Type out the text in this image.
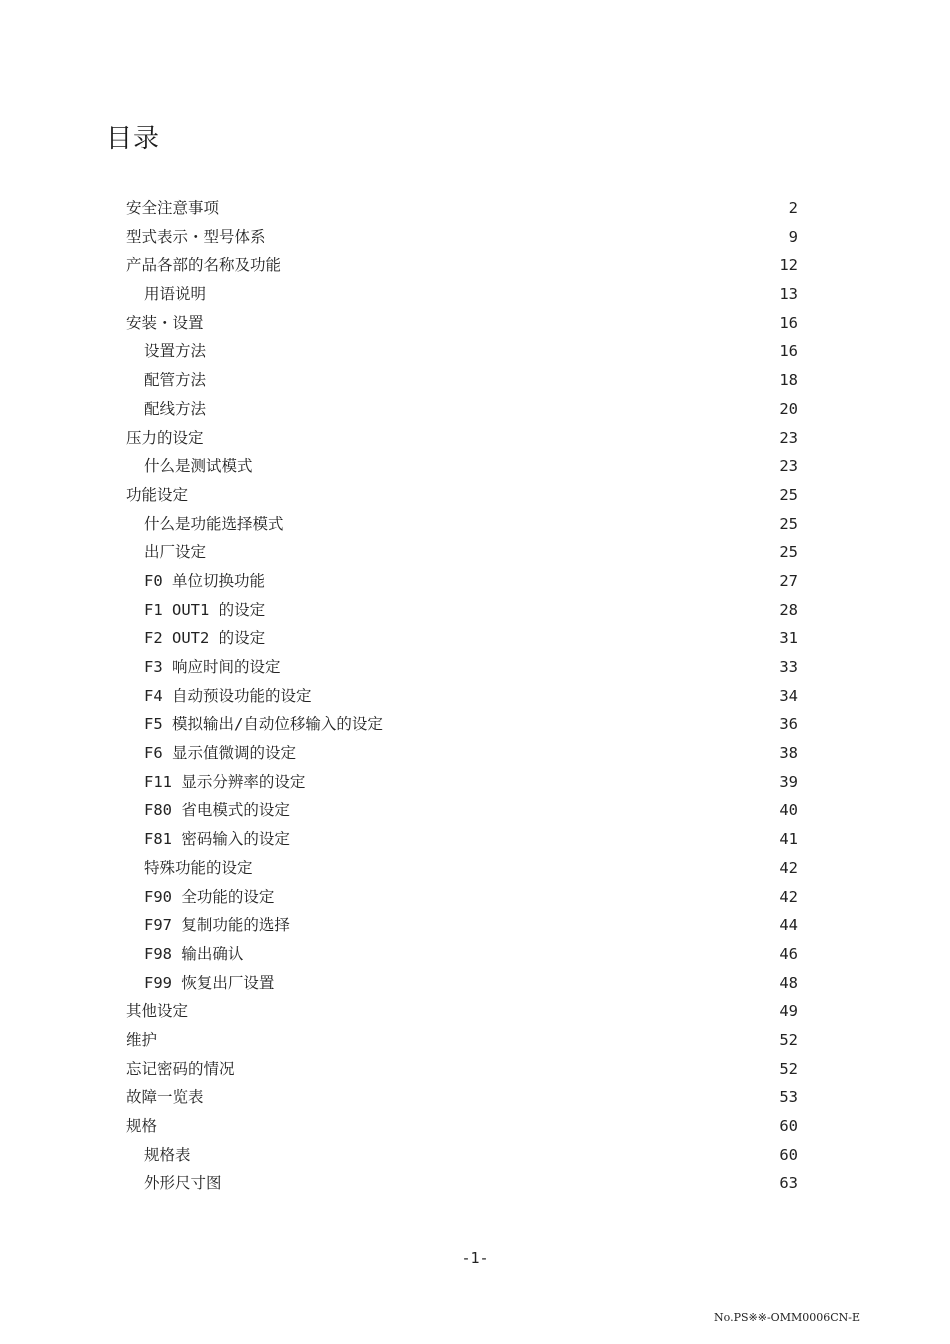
目录
安全注意事项	2
型式表示・型号体系	9
产品各部的名称及功能	12
用语说明	13
安装・设置	16
设置方法	16
配管方法	18
配线方法	20
压力的设定	23
什么是测试模式	23
功能设定	25
什么是功能选择模式	25
出厂设定	25
F0 单位切换功能	27
F1 OUT1 的设定	28
F2 OUT2 的设定	31
F3 响应时间的设定	33
F4 自动预设功能的设定	34
F5 模拟输出/自动位移输入的设定	36
F6 显示值微调的设定	38
F11 显示分辨率的设定	39
F80 省电模式的设定	40
F81 密码输入的设定	41
特殊功能的设定	42
F90 全功能的设定	42
F97 复制功能的选择	44
F98 输出确认	46
F99 恢复出厂设置	48
其他设定	49
维护	52
忘记密码的情况	52
故障一览表	53
规格	60
规格表	60
外形尺寸图	63
-1-
No.PS※※-OMM0006CN-E
